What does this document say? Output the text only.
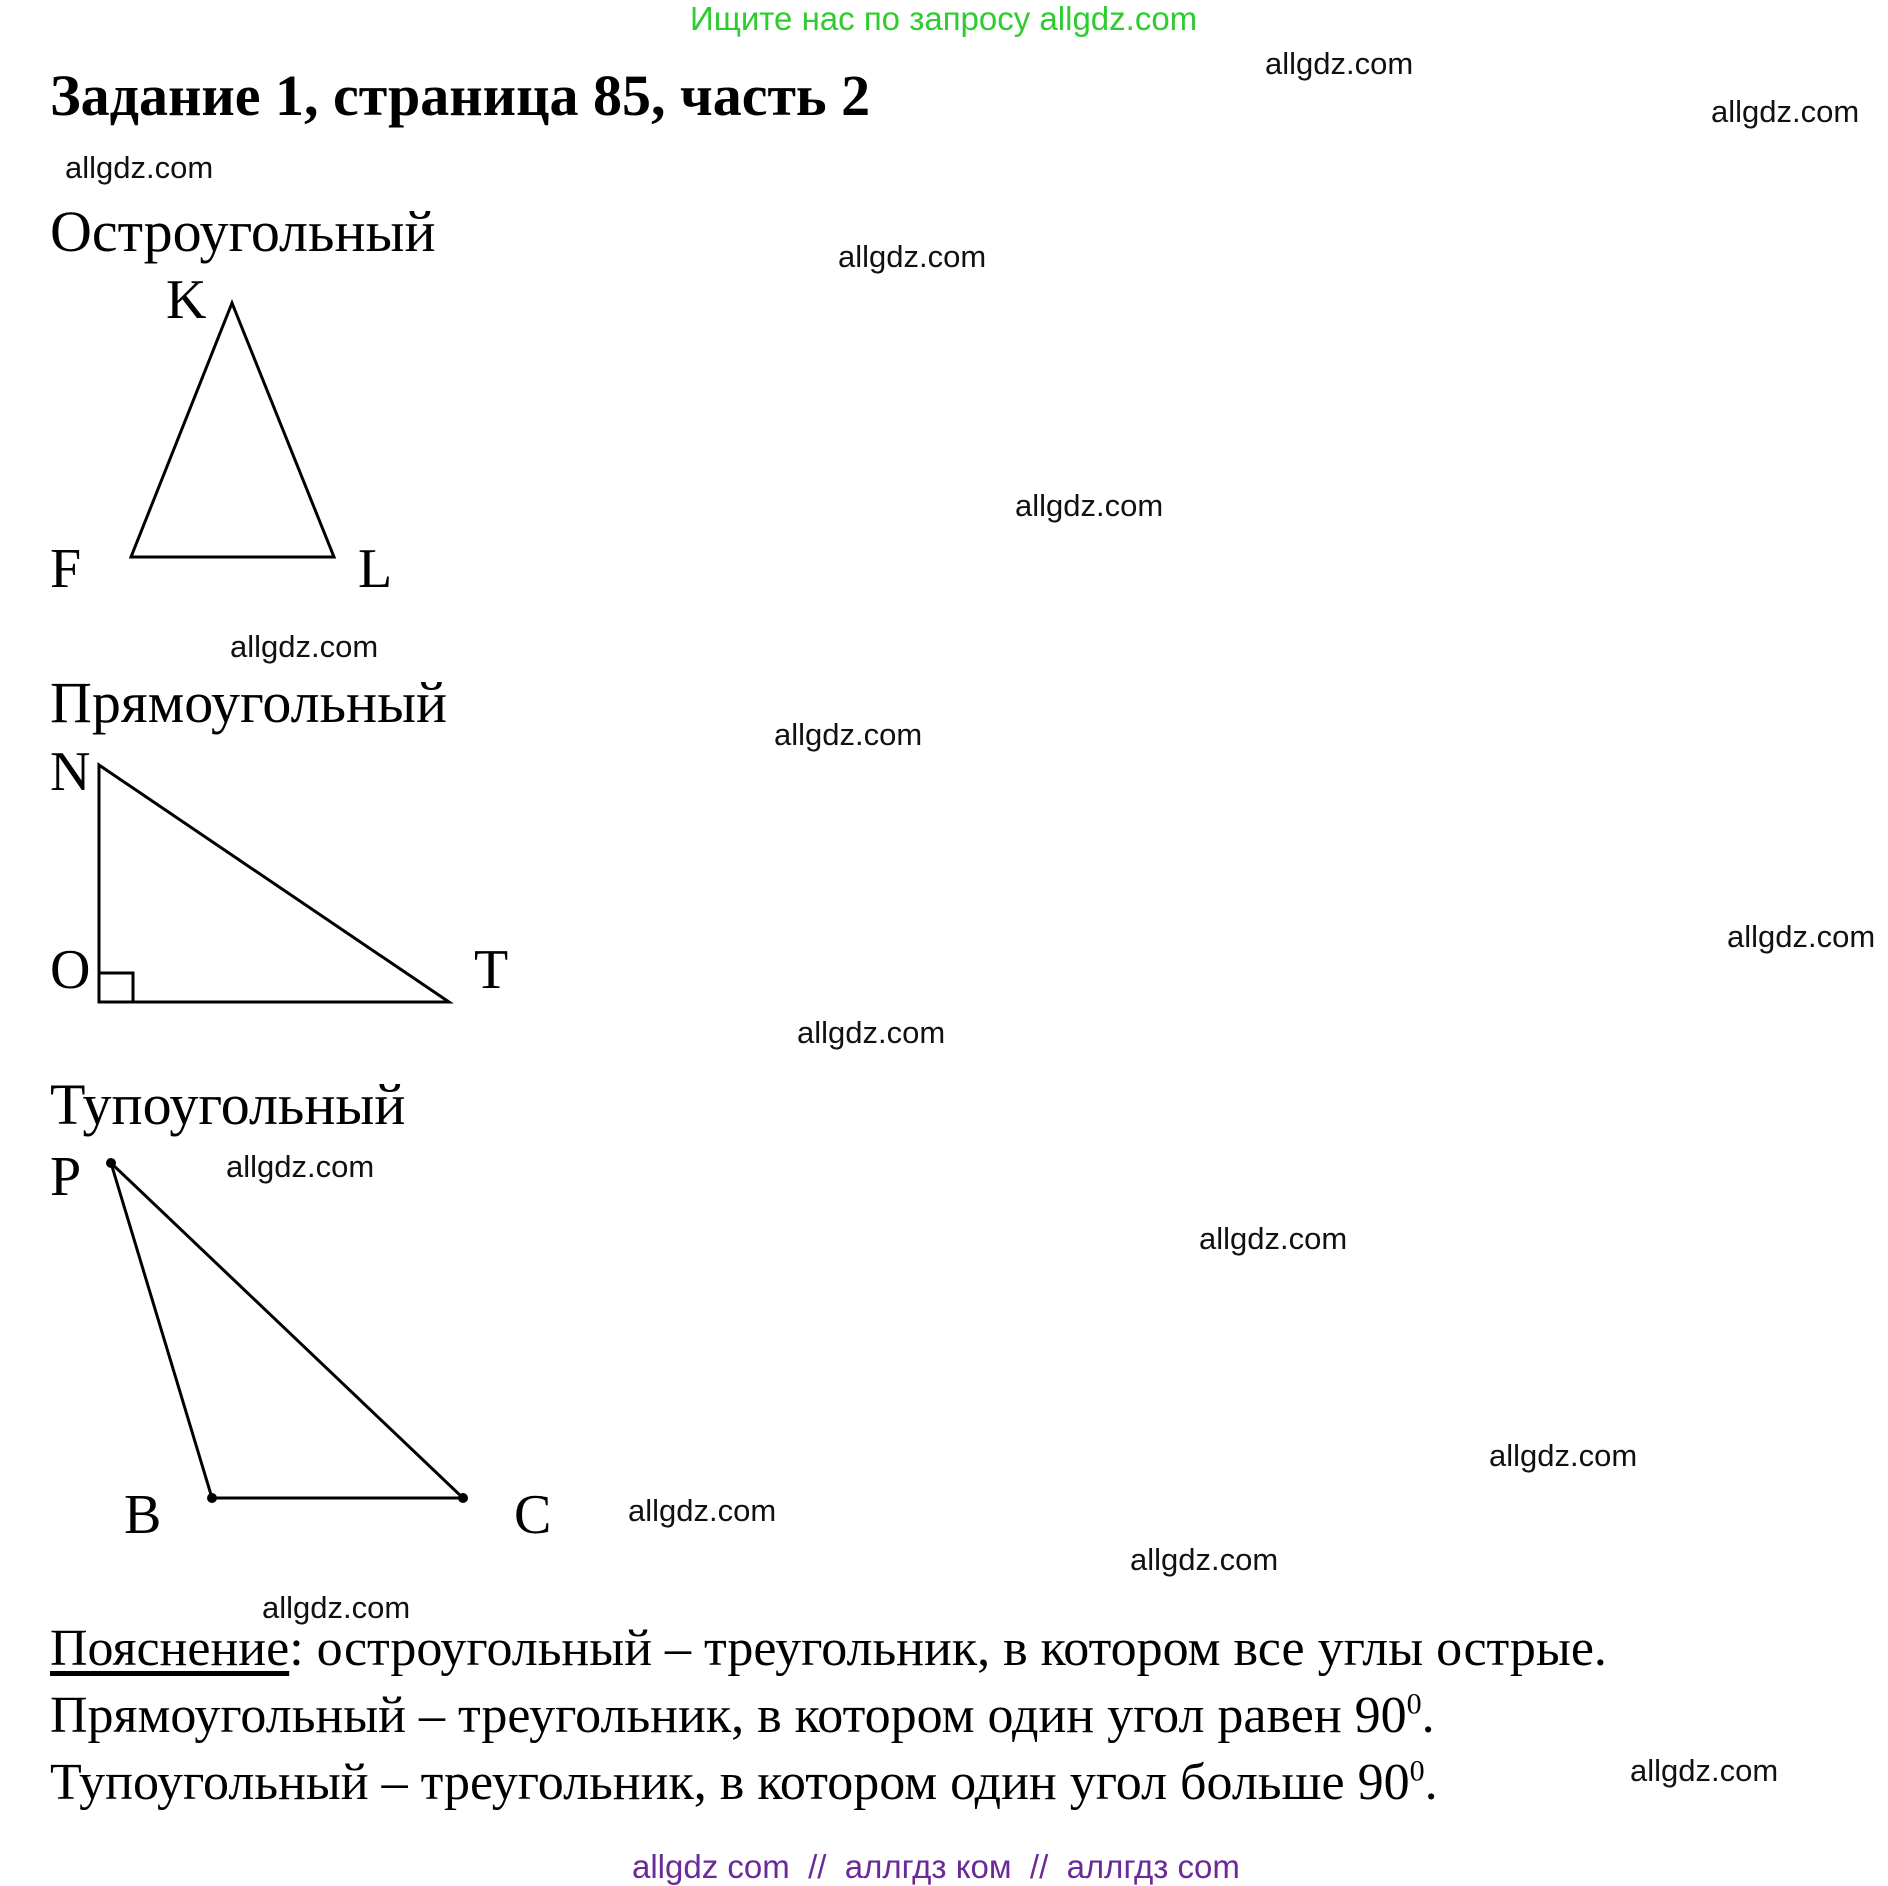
Ищите нас по запросу allgdz.com
Задание 1, страница 85, часть 2
Остроугольный
K
F	L
Прямоугольный
N
O	T
Тупоугольный
P
B	C
Пояснение: остроугольный – треугольник, в котором все углы острые.
Прямоугольный – треугольник, в котором один угол равен $90^0$.
Тупоугольный – треугольник, в котором один угол больше $90^0$.
allgdz.com
allgdz.com
allgdz.com
allgdz.com
allgdz.com
allgdz.com
allgdz.com
allgdz.com
allgdz.com
allgdz.com
allgdz.com
allgdz.com
allgdz.com
allgdz.com
allgdz.com
allgdz.com
allgdz com  //  аллгдз ком  //  аллгдз com
